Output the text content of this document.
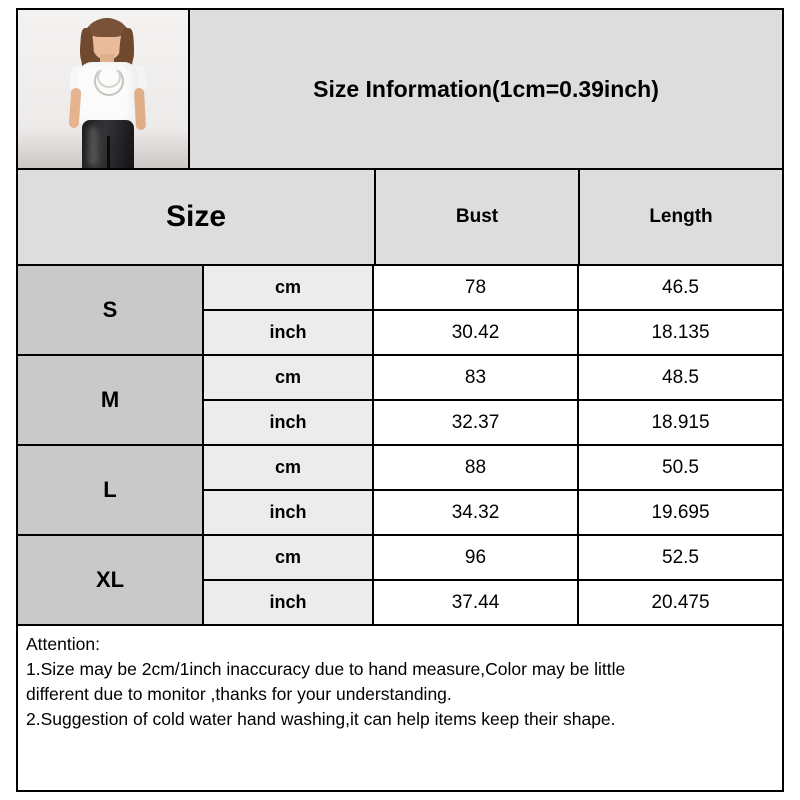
Size Information(1cm=0.39inch)
Size	Bust	Length
S
cm	78	46.5
inch	30.42	18.135
M
cm	83	48.5
inch	32.37	18.915
L
cm	88	50.5
inch	34.32	19.695
XL
cm	96	52.5
inch	37.44	20.475

Attention:

1.Size may be 2cm/1inch inaccuracy due to hand measure,Color may be little

different due to monitor ,thanks for your understanding.

2.Suggestion of cold water hand washing,it can help items keep their shape.
